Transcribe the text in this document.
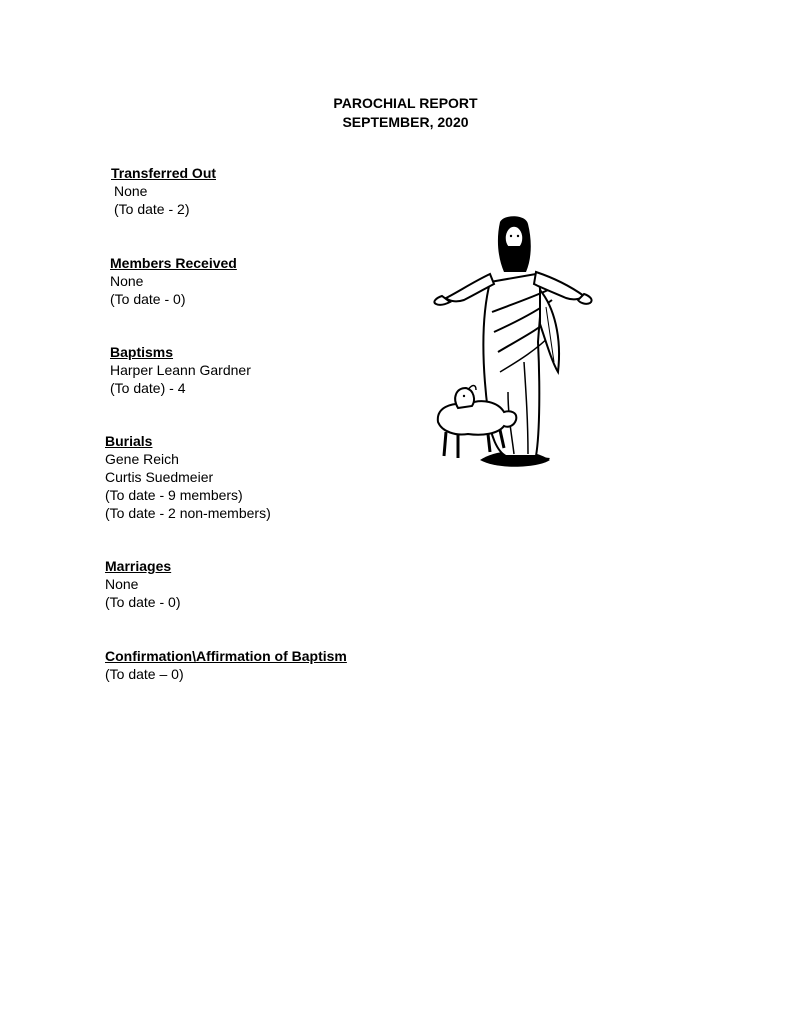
PAROCHIAL REPORT
SEPTEMBER, 2020
Transferred Out
None
(To date - 2)
Members Received
None
(To date - 0)
Baptisms
Harper Leann Gardner
(To date) - 4
Burials
Gene Reich
Curtis Suedmeier
(To date - 9 members)
(To date - 2 non-members)
Marriages
None
(To date - 0)
Confirmation\Affirmation of Baptism
(To date – 0)
